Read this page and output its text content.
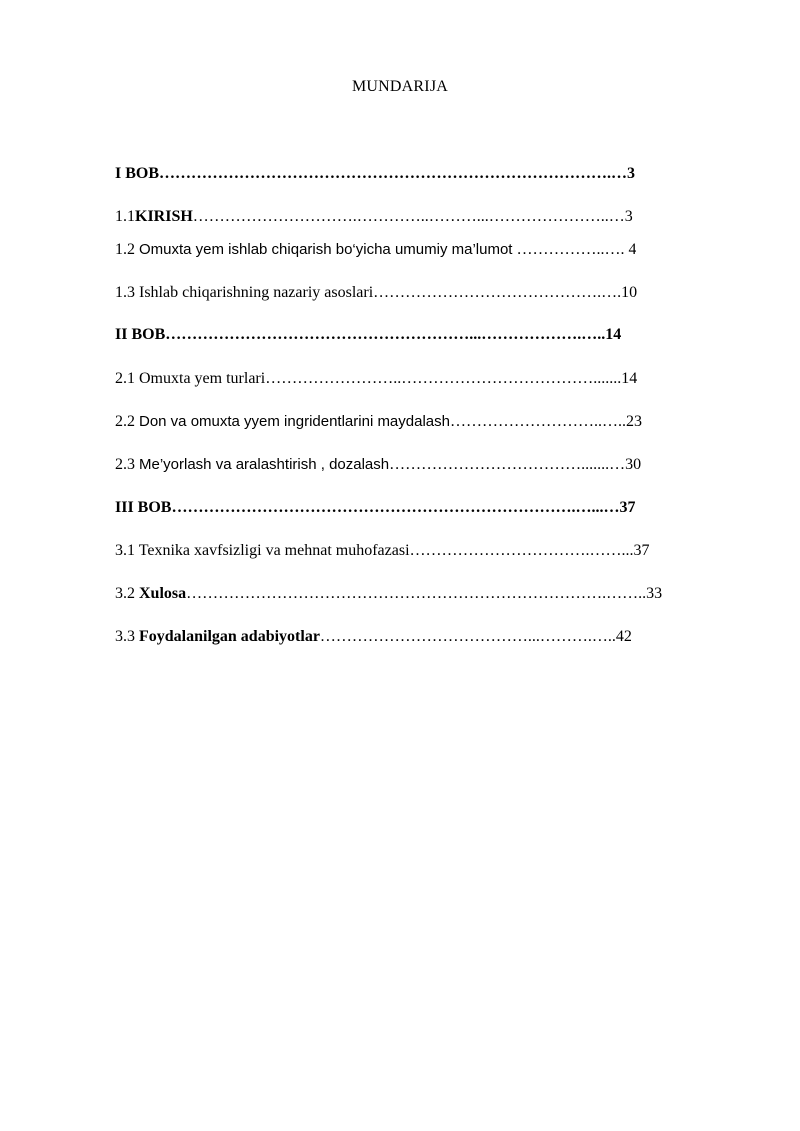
MUNDARIJA
I BOB………………………………………………………………………….…3
1.1KIRISH………………………….…………..………...…………………..…3
1.2 Omuxta yem ishlab chiqarish bo‘yicha umumiy ma’lumot ……………..…. 4
1.3 Ishlab chiqarishning nazariy asoslari…………………………………….….10
II BOB…………………………………………………...……………….…..14
2.1 Omuxta yem turlari……………………..……………………………….......14
2.2 Don va omuxta yyem ingridentlarini maydalash………………………..…..23
2.3 Me’yorlash va aralashtirish , dozalash……………………………….......…30
III BOB………………………………………………………………….…...…37
3.1 Texnika xavfsizligi va mehnat muhofazasi…………………………….……...37
3.2 Xulosa…………………………………………………………………….……..33
3.3 Foydalanilgan adabiyotlar…………………………………...……….…..42
